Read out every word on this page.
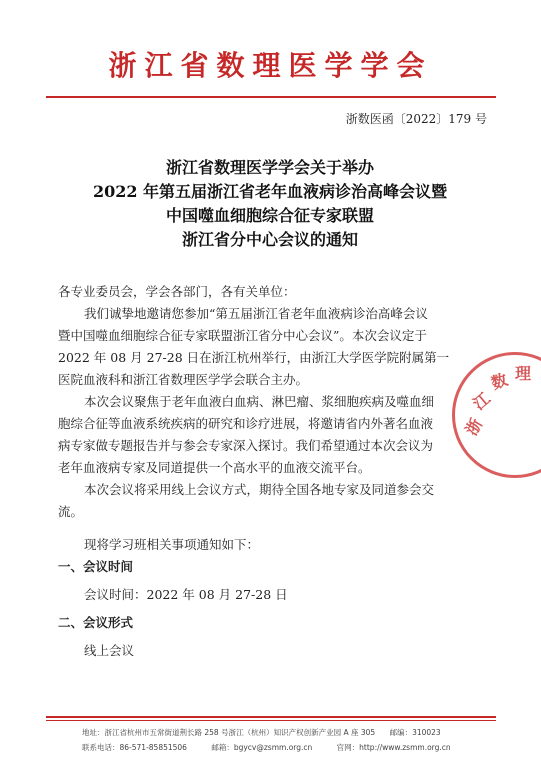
浙江省数理医学学会
浙数医函〔2022〕179 号
浙江省数理医学学会关于举办
2022 年第五届浙江省老年血液病诊治高峰会议暨
中国噬血细胞综合征专家联盟
浙江省分中心会议的通知
各专业委员会，学会各部门，各有关单位：
我们诚挚地邀请您参加“第五届浙江省老年血液病诊治高峰会议
暨中国噬血细胞综合征专家联盟浙江省分中心会议”。本次会议定于
2022 年 08 月 27-28 日在浙江杭州举行，由浙江大学医学院附属第一
医院血液科和浙江省数理医学学会联合主办。
本次会议聚焦于老年血液白血病、淋巴瘤、浆细胞疾病及噬血细
胞综合征等血液系统疾病的研究和诊疗进展，将邀请省内外著名血液
病专家做专题报告并与参会专家深入探讨。我们希望通过本次会议为
老年血液病专家及同道提供一个高水平的血液交流平台。
本次会议将采用线上会议方式，期待全国各地专家及同道参会交
流。
现将学习班相关事项通知如下：
一、会议时间
会议时间：2022 年 08 月 27-28 日
二、会议形式
线上会议
浙
江
数 理
地址：浙江省杭州市五常街道荆长路 258 号浙江（杭州）知识产权创新产业园 A 座 305 邮编：310023
联系电话：86-571-85851506	邮箱：bgycv@zsmm.org.cn	官网：http://www.zsmm.org.cn
